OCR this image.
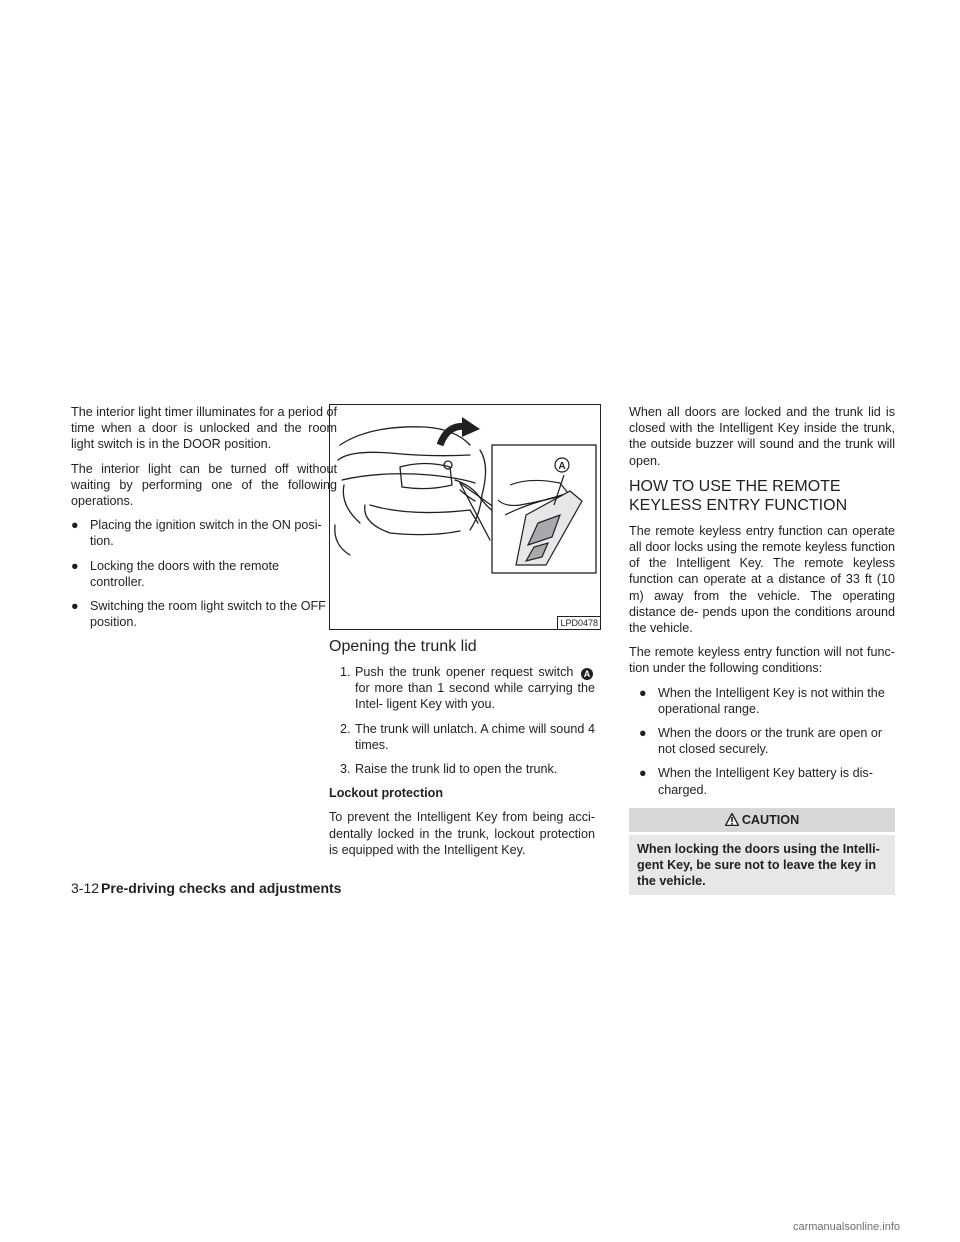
The interior light timer illuminates for a period of time when a door is unlocked and the room light switch is in the DOOR position.

The interior light can be turned off without waiting by performing one of the following operations.

● Placing the ignition switch in the ON posi- tion.
● Locking the doors with the remote controller.
● Switching the room light switch to the OFF position.
A
LPD0478
Opening the trunk lid
1. Push the trunk opener request switch A for more than 1 second while carrying the Intel- ligent Key with you.
2. The trunk will unlatch. A chime will sound 4 times.
3. Raise the trunk lid to open the trunk.
Lockout protection

To prevent the Intelligent Key from being acci- dentally locked in the trunk, lockout protection is equipped with the Intelligent Key.

When all doors are locked and the trunk lid is closed with the Intelligent Key inside the trunk, the outside buzzer will sound and the trunk will open.

HOW TO USE THE REMOTE
KEYLESS ENTRY FUNCTION

The remote keyless entry function can operate all door locks using the remote keyless function of the Intelligent Key. The remote keyless function can operate at a distance of 33 ft (10 m) away from the vehicle. The operating distance de- pends upon the conditions around the vehicle.

The remote keyless entry function will not func- tion under the following conditions:

● When the Intelligent Key is not within the operational range.
● When the doors or the trunk are open or not closed securely.
● When the Intelligent Key battery is dis- charged.
CAUTION
When locking the doors using the Intelli- gent Key, be sure not to leave the key in the vehicle.
3-12 Pre-driving checks and adjustments
carmanualsonline.info
